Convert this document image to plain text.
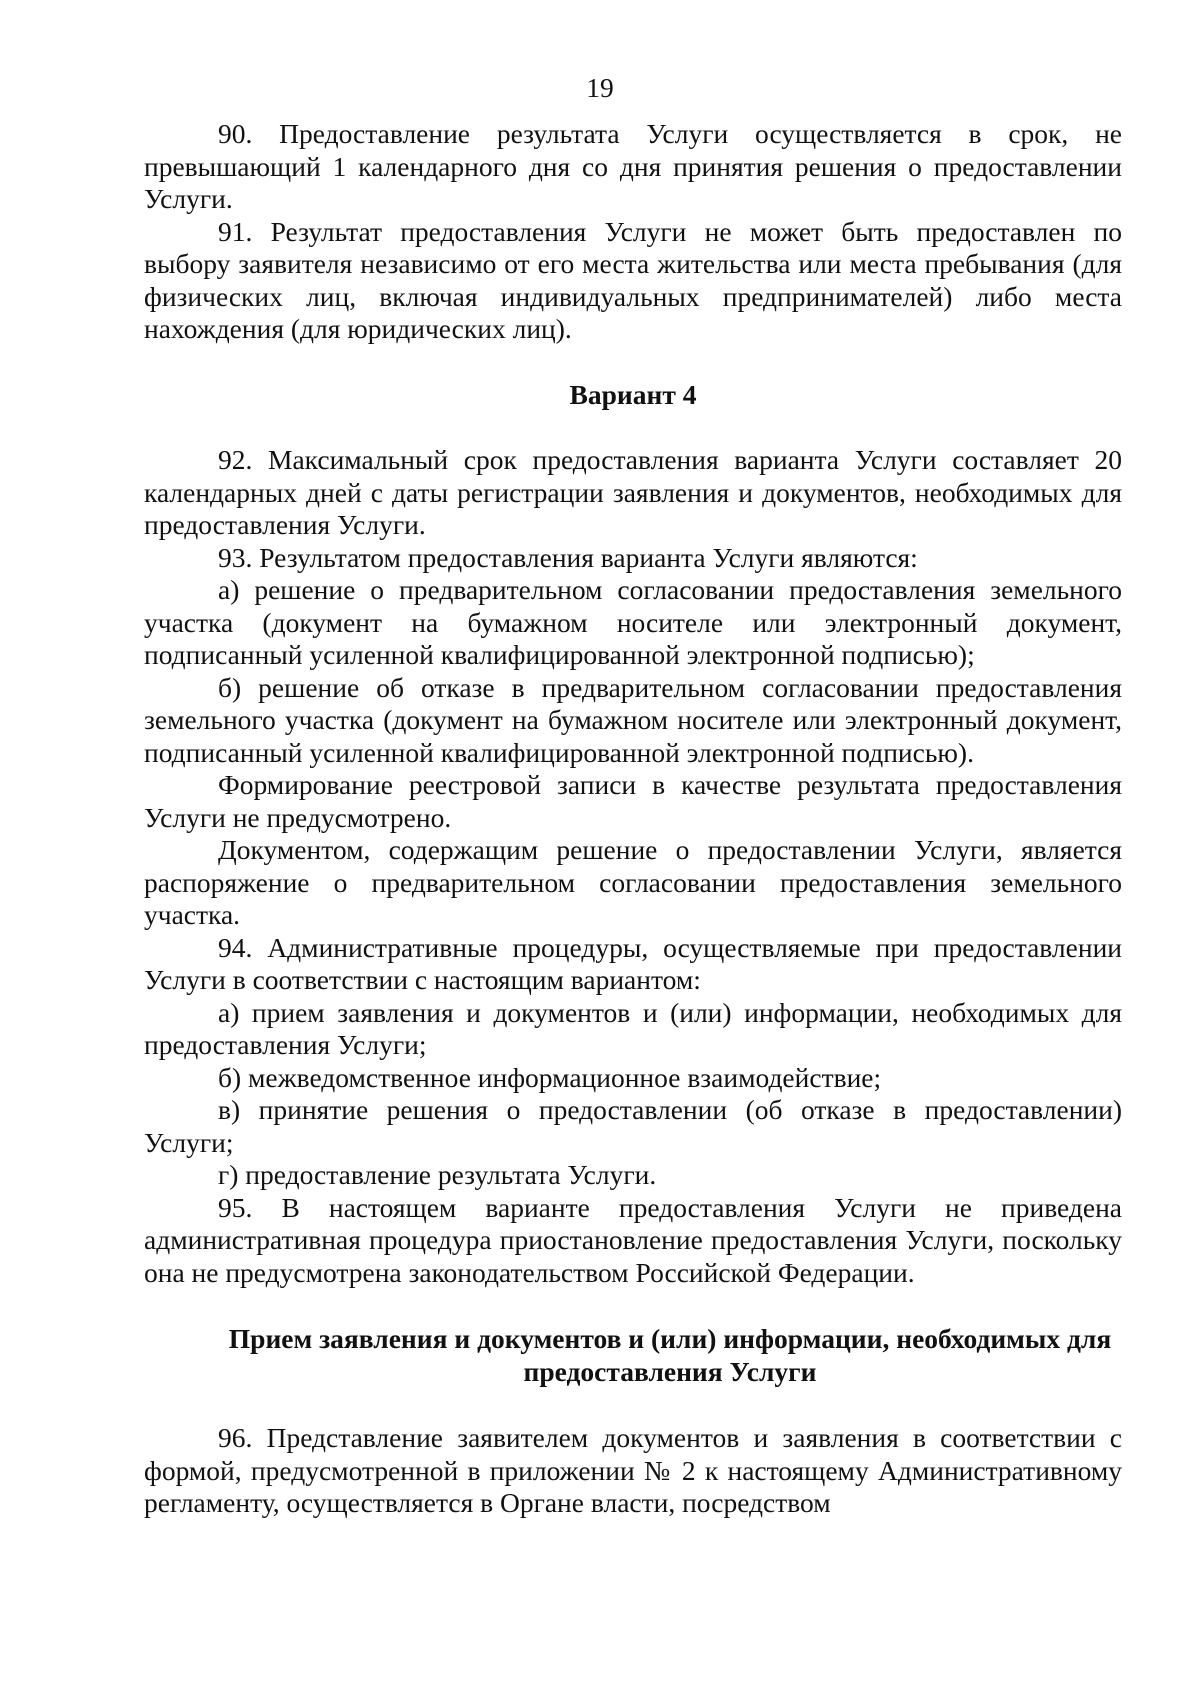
19

90. Предоставление результата Услуги осуществляется в срок, не превышающий 1 календарного дня со дня принятия решения о предоставлении Услуги.

91. Результат предоставления Услуги не может быть предоставлен по выбору заявителя независимо от его места жительства или места пребывания (для физических лиц, включая индивидуальных предпринимателей) либо места нахождения (для юридических лиц).

Вариант 4

92. Максимальный срок предоставления варианта Услуги составляет 20 календарных дней с даты регистрации заявления и документов, необходимых для предоставления Услуги.

93. Результатом предоставления варианта Услуги являются:

а) решение о предварительном согласовании предоставления земельного участка (документ на бумажном носителе или электронный документ, подписанный усиленной квалифицированной электронной подписью);

б) решение об отказе в предварительном согласовании предоставления земельного участка (документ на бумажном носителе или электронный документ, подписанный усиленной квалифицированной электронной подписью).

Формирование реестровой записи в качестве результата предоставления Услуги не предусмотрено.

Документом, содержащим решение о предоставлении Услуги, является распоряжение о предварительном согласовании предоставления земельного участка.

94. Административные процедуры, осуществляемые при предоставлении Услуги в соответствии с настоящим вариантом:

а) прием заявления и документов и (или) информации, необходимых для предоставления Услуги;

б) межведомственное информационное взаимодействие;

в) принятие решения о предоставлении (об отказе в предоставлении) Услуги;

г) предоставление результата Услуги.

95. В настоящем варианте предоставления Услуги не приведена административная процедура приостановление предоставления Услуги, поскольку она не предусмотрена законодательством Российской Федерации.

Прием заявления и документов и (или) информации, необходимых для предоставления Услуги

96. Представление заявителем документов и заявления в соответствии с формой, предусмотренной в приложении № 2 к настоящему Административному регламенту, осуществляется в Органе власти, посредством
